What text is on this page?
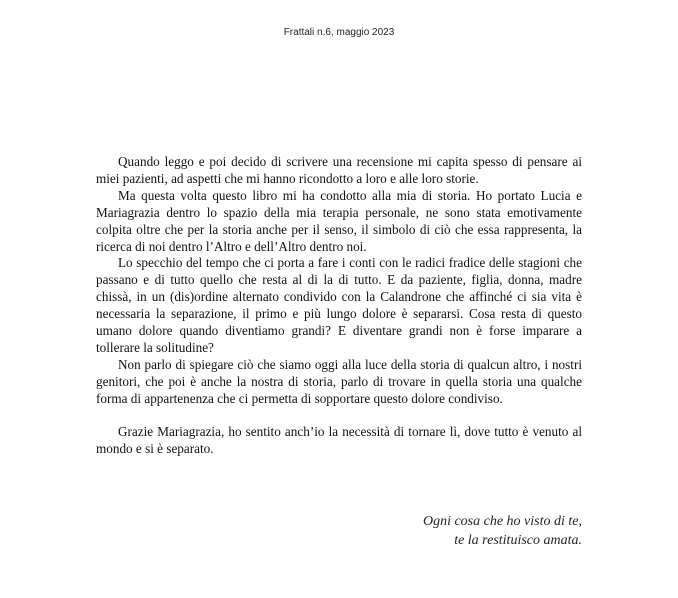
Frattali n.6, maggio 2023

Quando leggo e poi decido di scrivere una recensione mi capita spesso di pensare ai miei pazienti, ad aspetti che mi hanno ricondotto a loro e alle loro storie.

Ma questa volta questo libro mi ha condotto alla mia di storia. Ho portato Lucia e Mariagrazia dentro lo spazio della mia terapia personale, ne sono stata emotivamente colpita oltre che per la storia anche per il senso, il simbolo di ciò che essa rappresenta, la ricerca di noi dentro l’Altro e dell’Altro dentro noi.

Lo specchio del tempo che ci porta a fare i conti con le radici fradice delle stagioni che passano e di tutto quello che resta al di la di tutto. E da paziente, figlia, donna, madre chissà, in un (dis)ordine alternato condivido con la Calandrone che affinché ci sia vita è necessaria la separazione, il primo e più lungo dolore è separarsi. Cosa resta di questo umano dolore quando diventiamo grandi? E diventare grandi non è forse imparare a tollerare la solitudine?

Non parlo di spiegare ciò che siamo oggi alla luce della storia di qualcun altro, i nostri genitori, che poi è anche la nostra di storia, parlo di trovare in quella storia una qualche forma di appartenenza che ci permetta di sopportare questo dolore condiviso.

Grazie Mariagrazia, ho sentito anch’io la necessità di tornare lì, dove tutto è venuto al mondo e si è separato.

Ogni cosa che ho visto di te,
te la restituisco amata.
